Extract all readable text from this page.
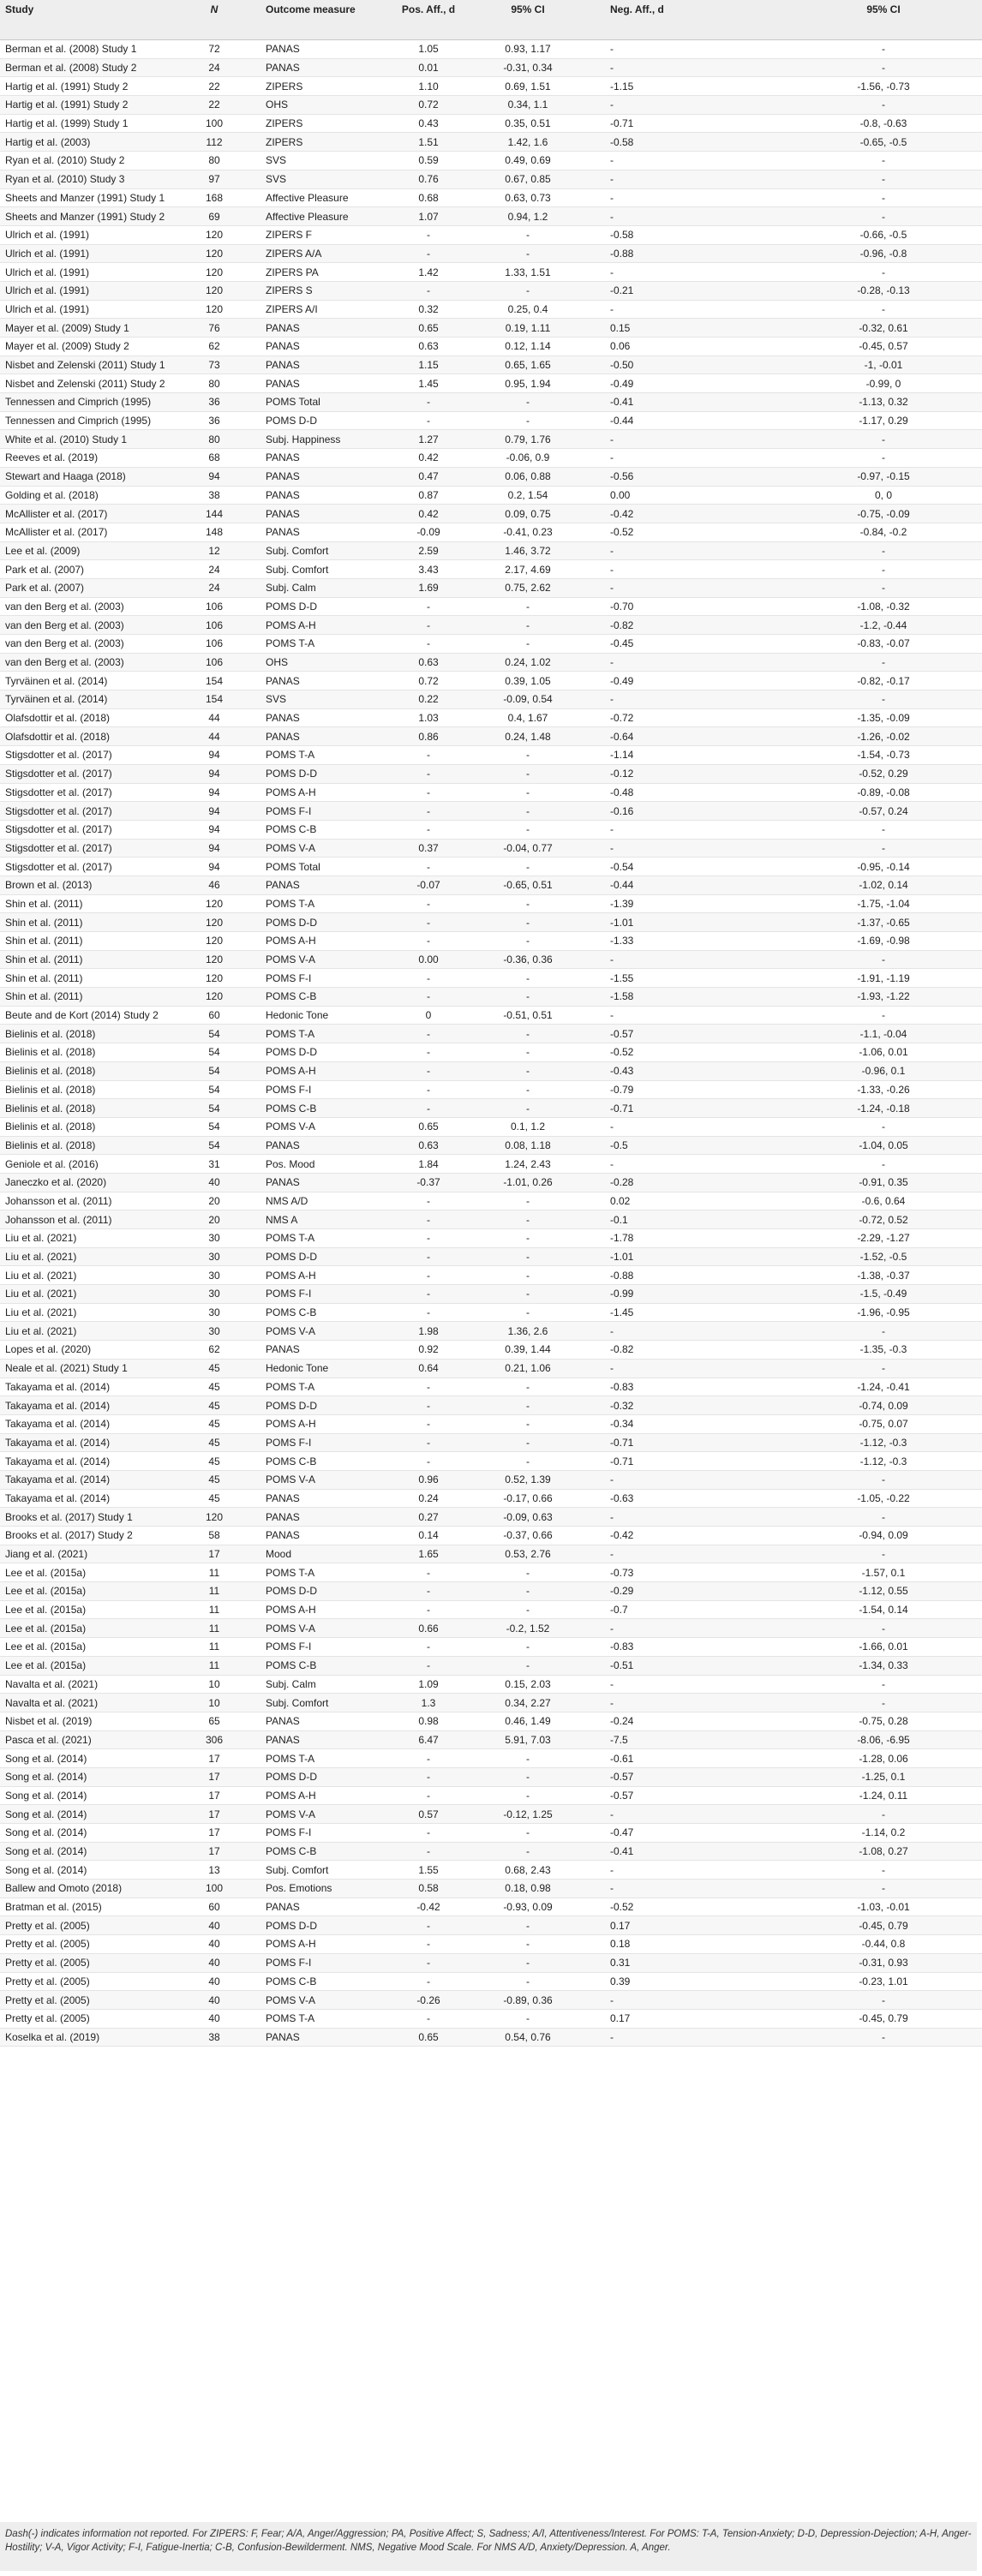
Study	N	Outcome measure	Pos. Aff., d	95% CI		Neg. Aff., d		95% CI
Berman et al. (2008) Study 1	72	PANAS	1.05	0.93, 1.17		-		-
Berman et al. (2008) Study 2	24	PANAS	0.01	-0.31, 0.34		-		-
Hartig et al. (1991) Study 2	22	ZIPERS	1.10	0.69, 1.51		-1.15		-1.56, -0.73
Hartig et al. (1991) Study 2	22	OHS	0.72	0.34, 1.1		-		-
Hartig et al. (1999) Study 1	100	ZIPERS	0.43	0.35, 0.51		-0.71		-0.8, -0.63
Hartig et al. (2003)	112	ZIPERS	1.51	1.42, 1.6		-0.58		-0.65, -0.5
Ryan et al. (2010) Study 2	80	SVS	0.59	0.49, 0.69		-		-
Ryan et al. (2010) Study 3	97	SVS	0.76	0.67, 0.85		-		-
Sheets and Manzer (1991) Study 1	168	Affective Pleasure	0.68	0.63, 0.73		-		-
Sheets and Manzer (1991) Study 2	69	Affective Pleasure	1.07	0.94, 1.2		-		-
Ulrich et al. (1991)	120	ZIPERS F	-	-		-0.58		-0.66, -0.5
Ulrich et al. (1991)	120	ZIPERS A/A	-	-		-0.88		-0.96, -0.8
Ulrich et al. (1991)	120	ZIPERS PA	1.42	1.33, 1.51		-		-
Ulrich et al. (1991)	120	ZIPERS S	-	-		-0.21		-0.28, -0.13
Ulrich et al. (1991)	120	ZIPERS A/I	0.32	0.25, 0.4		-		-
Mayer et al. (2009) Study 1	76	PANAS	0.65	0.19, 1.11		0.15		-0.32, 0.61
Mayer et al. (2009) Study 2	62	PANAS	0.63	0.12, 1.14		0.06		-0.45, 0.57
Nisbet and Zelenski (2011) Study 1	73	PANAS	1.15	0.65, 1.65		-0.50		-1, -0.01
Nisbet and Zelenski (2011) Study 2	80	PANAS	1.45	0.95, 1.94		-0.49		-0.99, 0
Tennessen and Cimprich (1995)	36	POMS Total	-	-		-0.41		-1.13, 0.32
Tennessen and Cimprich (1995)	36	POMS D-D	-	-		-0.44		-1.17, 0.29
White et al. (2010) Study 1	80	Subj. Happiness	1.27	0.79, 1.76		-		-
Reeves et al. (2019)	68	PANAS	0.42	-0.06, 0.9		-		-
Stewart and Haaga (2018)	94	PANAS	0.47	0.06, 0.88		-0.56		-0.97, -0.15
Golding et al. (2018)	38	PANAS	0.87	0.2, 1.54		0.00		0, 0
McAllister et al. (2017)	144	PANAS	0.42	0.09, 0.75		-0.42		-0.75, -0.09
McAllister et al. (2017)	148	PANAS	-0.09	-0.41, 0.23		-0.52		-0.84, -0.2
Lee et al. (2009)	12	Subj. Comfort	2.59	1.46, 3.72		-		-
Park et al. (2007)	24	Subj. Comfort	3.43	2.17, 4.69		-		-
Park et al. (2007)	24	Subj. Calm	1.69	0.75, 2.62		-		-
van den Berg et al. (2003)	106	POMS D-D	-	-		-0.70		-1.08, -0.32
van den Berg et al. (2003)	106	POMS A-H	-	-		-0.82		-1.2, -0.44
van den Berg et al. (2003)	106	POMS T-A	-	-		-0.45		-0.83, -0.07
van den Berg et al. (2003)	106	OHS	0.63	0.24, 1.02		-		-
Tyrväinen et al. (2014)	154	PANAS	0.72	0.39, 1.05		-0.49		-0.82, -0.17
Tyrväinen et al. (2014)	154	SVS	0.22	-0.09, 0.54		-		-
Olafsdottir et al. (2018)	44	PANAS	1.03	0.4, 1.67		-0.72		-1.35, -0.09
Olafsdottir et al. (2018)	44	PANAS	0.86	0.24, 1.48		-0.64		-1.26, -0.02
Stigsdotter et al. (2017)	94	POMS T-A	-	-		-1.14		-1.54, -0.73
Stigsdotter et al. (2017)	94	POMS D-D	-	-		-0.12		-0.52, 0.29
Stigsdotter et al. (2017)	94	POMS A-H	-	-		-0.48		-0.89, -0.08
Stigsdotter et al. (2017)	94	POMS F-I	-	-		-0.16		-0.57, 0.24
Stigsdotter et al. (2017)	94	POMS C-B	-	-		-		-
Stigsdotter et al. (2017)	94	POMS V-A	0.37	-0.04, 0.77		-		-
Stigsdotter et al. (2017)	94	POMS Total	-	-		-0.54		-0.95, -0.14
Brown et al. (2013)	46	PANAS	-0.07	-0.65, 0.51		-0.44		-1.02, 0.14
Shin et al. (2011)	120	POMS T-A	-	-		-1.39		-1.75, -1.04
Shin et al. (2011)	120	POMS D-D	-	-		-1.01		-1.37, -0.65
Shin et al. (2011)	120	POMS A-H	-	-		-1.33		-1.69, -0.98
Shin et al. (2011)	120	POMS V-A	0.00	-0.36, 0.36		-		-
Shin et al. (2011)	120	POMS F-I	-	-		-1.55		-1.91, -1.19
Shin et al. (2011)	120	POMS C-B	-	-		-1.58		-1.93, -1.22
Beute and de Kort (2014) Study 2	60	Hedonic Tone	0	-0.51, 0.51		-		-
Bielinis et al. (2018)	54	POMS T-A	-	-		-0.57		-1.1, -0.04
Bielinis et al. (2018)	54	POMS D-D	-	-		-0.52		-1.06, 0.01
Bielinis et al. (2018)	54	POMS A-H	-	-		-0.43		-0.96, 0.1
Bielinis et al. (2018)	54	POMS F-I	-	-		-0.79		-1.33, -0.26
Bielinis et al. (2018)	54	POMS C-B	-	-		-0.71		-1.24, -0.18
Bielinis et al. (2018)	54	POMS V-A	0.65	0.1, 1.2		-		-
Bielinis et al. (2018)	54	PANAS	0.63	0.08, 1.18		-0.5		-1.04, 0.05
Geniole et al. (2016)	31	Pos. Mood	1.84	1.24, 2.43		-		-
Janeczko et al. (2020)	40	PANAS	-0.37	-1.01, 0.26		-0.28		-0.91, 0.35
Johansson et al. (2011)	20	NMS A/D	-	-		0.02		-0.6, 0.64
Johansson et al. (2011)	20	NMS A	-	-		-0.1		-0.72, 0.52
Liu et al. (2021)	30	POMS T-A	-	-		-1.78		-2.29, -1.27
Liu et al. (2021)	30	POMS D-D	-	-		-1.01		-1.52, -0.5
Liu et al. (2021)	30	POMS A-H	-	-		-0.88		-1.38, -0.37
Liu et al. (2021)	30	POMS F-I	-	-		-0.99		-1.5, -0.49
Liu et al. (2021)	30	POMS C-B	-	-		-1.45		-1.96, -0.95
Liu et al. (2021)	30	POMS V-A	1.98	1.36, 2.6		-		-
Lopes et al. (2020)	62	PANAS	0.92	0.39, 1.44		-0.82		-1.35, -0.3
Neale et al. (2021) Study 1	45	Hedonic Tone	0.64	0.21, 1.06		-		-
Takayama et al. (2014)	45	POMS T-A	-	-		-0.83		-1.24, -0.41
Takayama et al. (2014)	45	POMS D-D	-	-		-0.32		-0.74, 0.09
Takayama et al. (2014)	45	POMS A-H	-	-		-0.34		-0.75, 0.07
Takayama et al. (2014)	45	POMS F-I	-	-		-0.71		-1.12, -0.3
Takayama et al. (2014)	45	POMS C-B	-	-		-0.71		-1.12, -0.3
Takayama et al. (2014)	45	POMS V-A	0.96	0.52, 1.39		-		-
Takayama et al. (2014)	45	PANAS	0.24	-0.17, 0.66		-0.63		-1.05, -0.22
Brooks et al. (2017) Study 1	120	PANAS	0.27	-0.09, 0.63		-		-
Brooks et al. (2017) Study 2	58	PANAS	0.14	-0.37, 0.66		-0.42		-0.94, 0.09
Jiang et al. (2021)	17	Mood	1.65	0.53, 2.76		-		-
Lee et al. (2015a)	11	POMS T-A	-	-		-0.73		-1.57, 0.1
Lee et al. (2015a)	11	POMS D-D	-	-		-0.29		-1.12, 0.55
Lee et al. (2015a)	11	POMS A-H	-	-		-0.7		-1.54, 0.14
Lee et al. (2015a)	11	POMS V-A	0.66	-0.2, 1.52		-		-
Lee et al. (2015a)	11	POMS F-I	-	-		-0.83		-1.66, 0.01
Lee et al. (2015a)	11	POMS C-B	-	-		-0.51		-1.34, 0.33
Navalta et al. (2021)	10	Subj. Calm	1.09	0.15, 2.03		-		-
Navalta et al. (2021)	10	Subj. Comfort	1.3	0.34, 2.27		-		-
Nisbet et al. (2019)	65	PANAS	0.98	0.46, 1.49		-0.24		-0.75, 0.28
Pasca et al. (2021)	306	PANAS	6.47	5.91, 7.03		-7.5		-8.06, -6.95
Song et al. (2014)	17	POMS T-A	-	-		-0.61		-1.28, 0.06
Song et al. (2014)	17	POMS D-D	-	-		-0.57		-1.25, 0.1
Song et al. (2014)	17	POMS A-H	-	-		-0.57		-1.24, 0.11
Song et al. (2014)	17	POMS V-A	0.57	-0.12, 1.25		-		-
Song et al. (2014)	17	POMS F-I	-	-		-0.47		-1.14, 0.2
Song et al. (2014)	17	POMS C-B	-	-		-0.41		-1.08, 0.27
Song et al. (2014)	13	Subj. Comfort	1.55	0.68, 2.43		-		-
Ballew and Omoto (2018)	100	Pos. Emotions	0.58	0.18, 0.98		-		-
Bratman et al. (2015)	60	PANAS	-0.42	-0.93, 0.09		-0.52		-1.03, -0.01
Pretty et al. (2005)	40	POMS D-D	-	-		0.17		-0.45, 0.79
Pretty et al. (2005)	40	POMS A-H	-	-		0.18		-0.44, 0.8
Pretty et al. (2005)	40	POMS F-I	-	-		0.31		-0.31, 0.93
Pretty et al. (2005)	40	POMS C-B	-	-		0.39		-0.23, 1.01
Pretty et al. (2005)	40	POMS V-A	-0.26	-0.89, 0.36		-		-
Pretty et al. (2005)	40	POMS T-A	-	-		0.17		-0.45, 0.79
Koselka et al. (2019)	38	PANAS	0.65	0.54, 0.76		-		-
Dash(-) indicates information not reported. For ZIPERS: F, Fear; A/A, Anger/Aggression; PA, Positive Affect; S, Sadness; A/I, Attentiveness/Interest. For POMS: T-A, Tension-Anxiety; D-D, Depression-Dejection; A-H, Anger-Hostility; V-A, Vigor Activity; F-I, Fatigue-Inertia; C-B, Confusion-Bewilderment. NMS, Negative Mood Scale. For NMS A/D, Anxiety/Depression. A, Anger.
